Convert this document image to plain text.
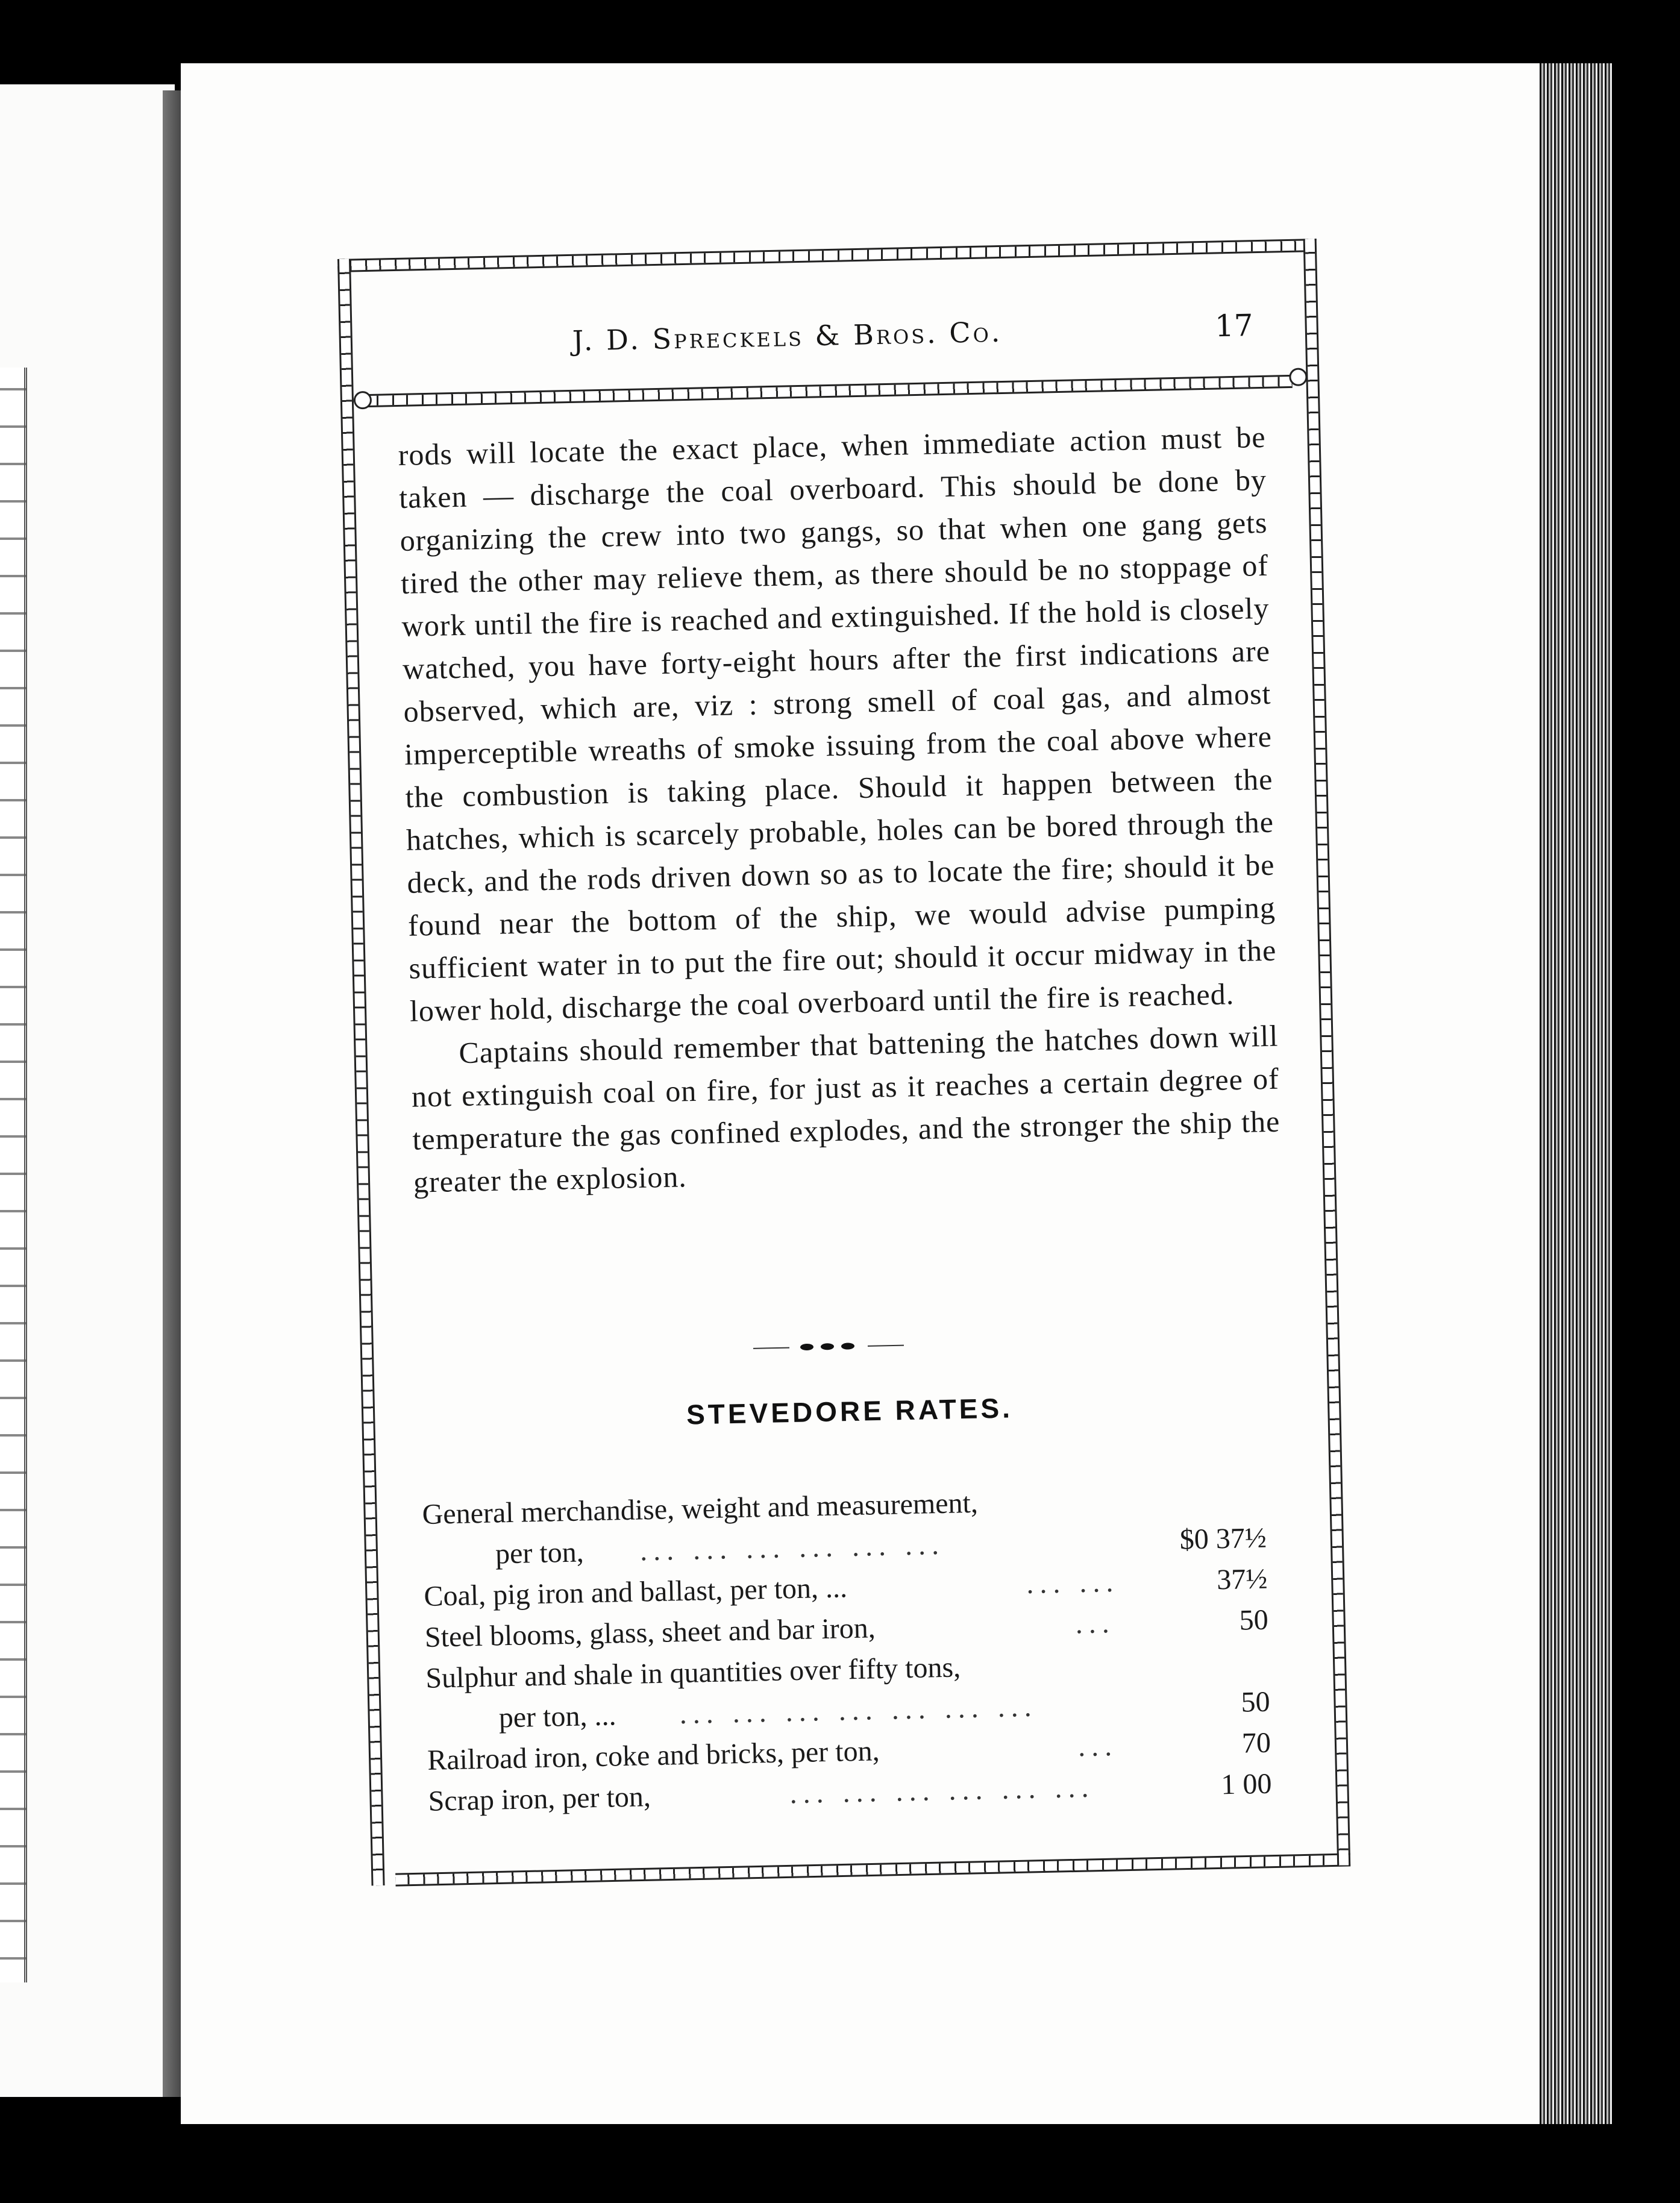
J. D. Spreckels & Bros. Co.	17

rods will locate the exact place, when immediate action must be taken — discharge the coal overboard. This should be done by organizing the crew into two gangs, so that when one gang gets tired the other may relieve them, as there should be no stoppage of work until the fire is reached and extinguished. If the hold is closely watched, you have forty-eight hours after the first indications are observed, which are, viz : strong smell of coal gas, and almost imperceptible wreaths of smoke issuing from the coal above where the combustion is taking place. Should it happen between the hatches, which is scarcely probable, holes can be bored through the deck, and the rods driven down so as to locate the fire; should it be found near the bottom of the ship, we would advise pumping sufficient water in to put the fire out; should it occur midway in the lower hold, discharge the coal overboard until the fire is reached.

Captains should remember that battening the hatches down will not extinguish coal on fire, for just as it reaches a certain degree of temperature the gas confined explodes, and the stronger the ship the greater the explosion.

STEVEDORE RATES.
General merchandise, weight and measurement,
per ton, ... ... ... ... ... ...	$0 37½
Coal, pig iron and ballast, per ton, ...	... ...	37½
Steel blooms, glass, sheet and bar iron,	...	50
Sulphur and shale in quantities over fifty tons,
per ton, ... ... ... ... ... ... ... ...	50
Railroad iron, coke and bricks, per ton,	...	70
Scrap iron, per ton,	... ... ... ... ... ...	1 00
